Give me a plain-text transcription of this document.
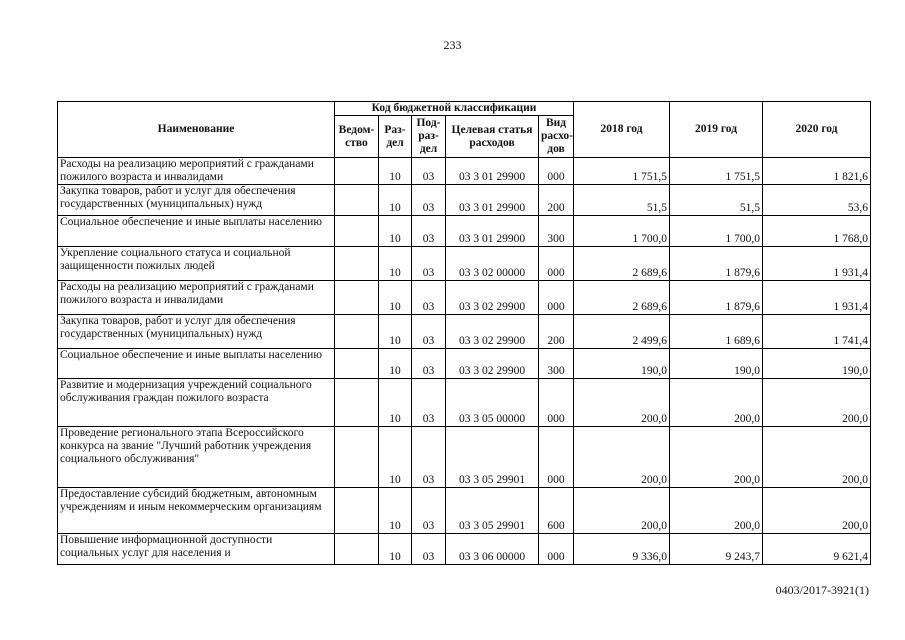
233
Наименование	Код бюджетной классификации					2018 год	2019 год	2020 год
	Ведом-ство	Раз-дел	Под-раз-дел	Целевая статья расходов	Вид расхо-дов			
Расходы на реализацию мероприятий с гражданами пожилого возраста и инвалидами		10	03	03 3 01 29900	000	1 751,5	1 751,5	1 821,6
Закупка товаров, работ и услуг для обеспечения государственных (муниципальных) нужд		10	03	03 3 01 29900	200	51,5	51,5	53,6
Социальное обеспечение и иные выплаты населению		10	03	03 3 01 29900	300	1 700,0	1 700,0	1 768,0
Укрепление социального статуса и социальной защищенности пожилых людей		10	03	03 3 02 00000	000	2 689,6	1 879,6	1 931,4
Расходы на реализацию мероприятий с гражданами пожилого возраста и инвалидами		10	03	03 3 02 29900	000	2 689,6	1 879,6	1 931,4
Закупка товаров, работ и услуг для обеспечения государственных (муниципальных) нужд		10	03	03 3 02 29900	200	2 499,6	1 689,6	1 741,4
Социальное обеспечение и иные выплаты населению		10	03	03 3 02 29900	300	190,0	190,0	190,0
Развитие и модернизация учреждений социального обслуживания граждан пожилого возраста		10	03	03 3 05 00000	000	200,0	200,0	200,0
Проведение регионального этапа Всероссийского конкурса на звание "Лучший работник учреждения социального обслуживания"		10	03	03 3 05 29901	000	200,0	200,0	200,0
Предоставление субсидий бюджетным, автономным учреждениям и иным некоммерческим организациям		10	03	03 3 05 29901	600	200,0	200,0	200,0
Повышение информационной доступности социальных услуг для населения и		10	03	03 3 06 00000	000	9 336,0	9 243,7	9 621,4
0403/2017-3921(1)
